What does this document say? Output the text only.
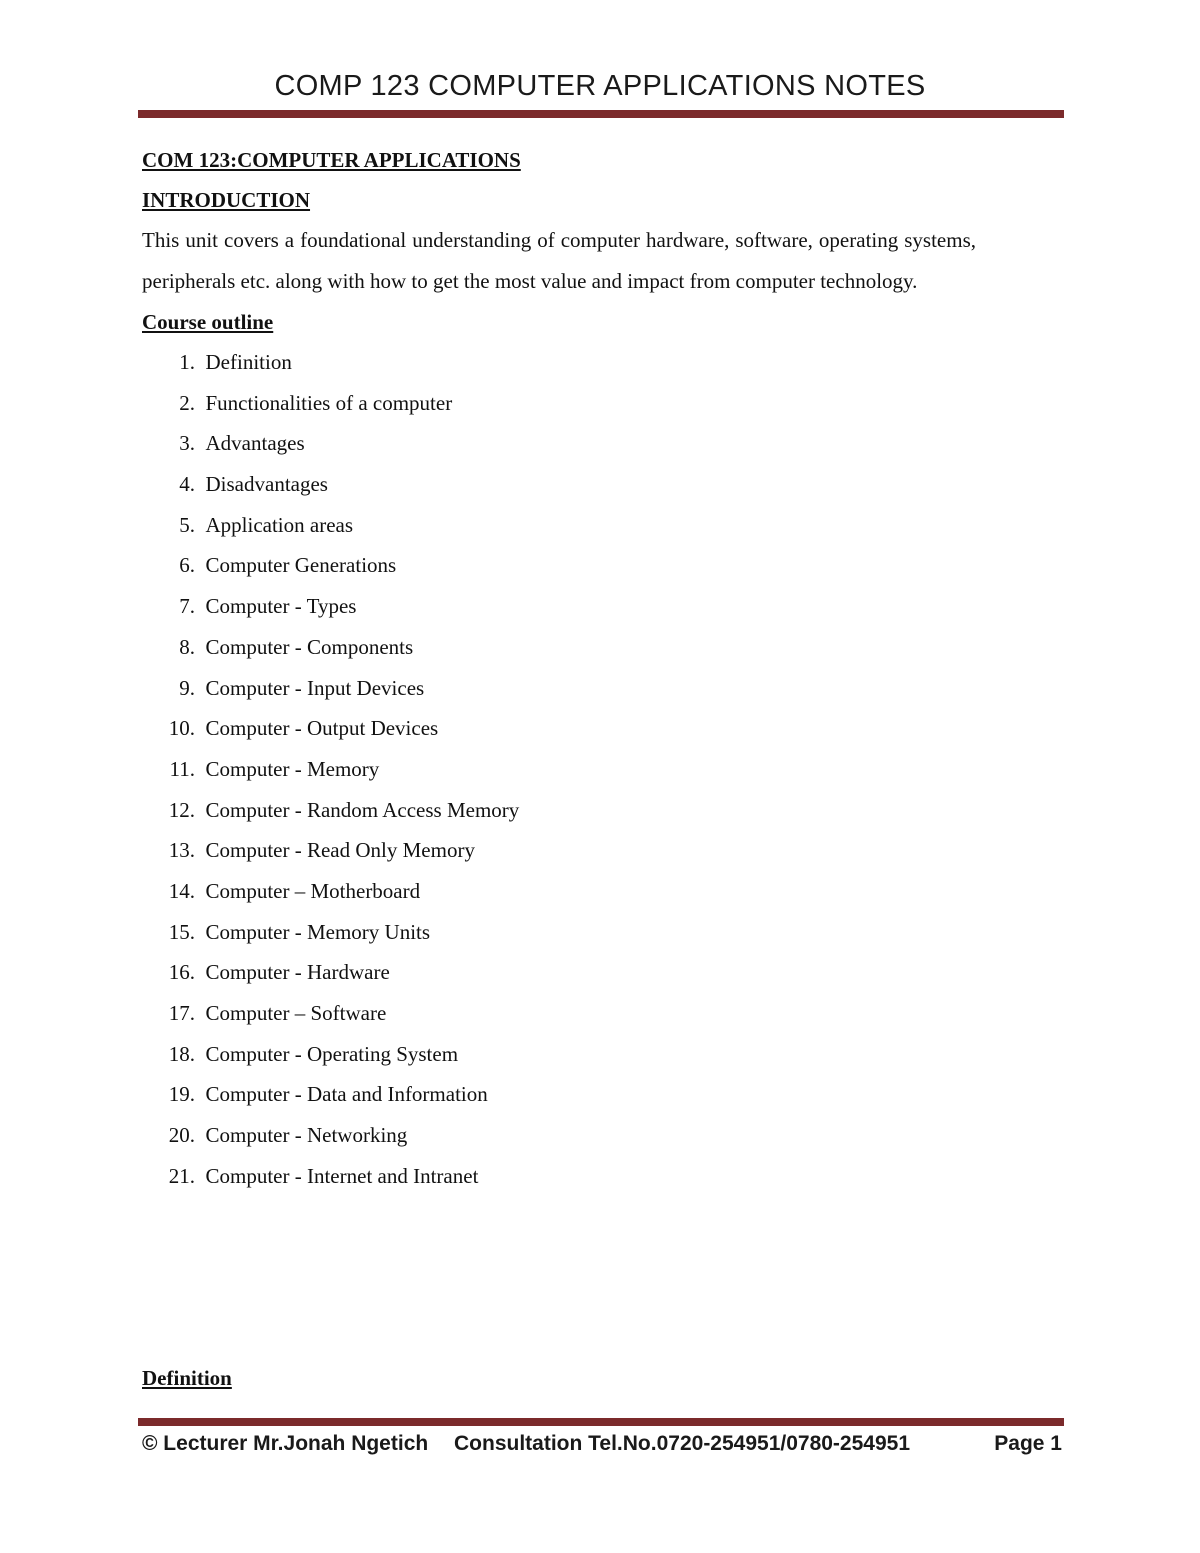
COMP 123 COMPUTER APPLICATIONS NOTES
COM 123:COMPUTER APPLICATIONS
INTRODUCTION

This unit covers a foundational understanding of computer hardware, software, operating systems, peripherals etc. along with how to get the most value and impact from computer technology.

Course outline
1. Definition
2. Functionalities of a computer
3. Advantages
4. Disadvantages
5. Application areas
6. Computer Generations
7. Computer - Types
8. Computer - Components
9. Computer - Input Devices
10. Computer - Output Devices
11. Computer - Memory
12. Computer - Random Access Memory
13. Computer - Read Only Memory
14. Computer – Motherboard
15. Computer - Memory Units
16. Computer - Hardware
17. Computer – Software
18. Computer - Operating System
19. Computer - Data and Information
20. Computer - Networking
21. Computer - Internet and Intranet
Definition
© Lecturer Mr.Jonah Ngetich Consultation Tel.No.0720-254951/0780-254951	Page 1
